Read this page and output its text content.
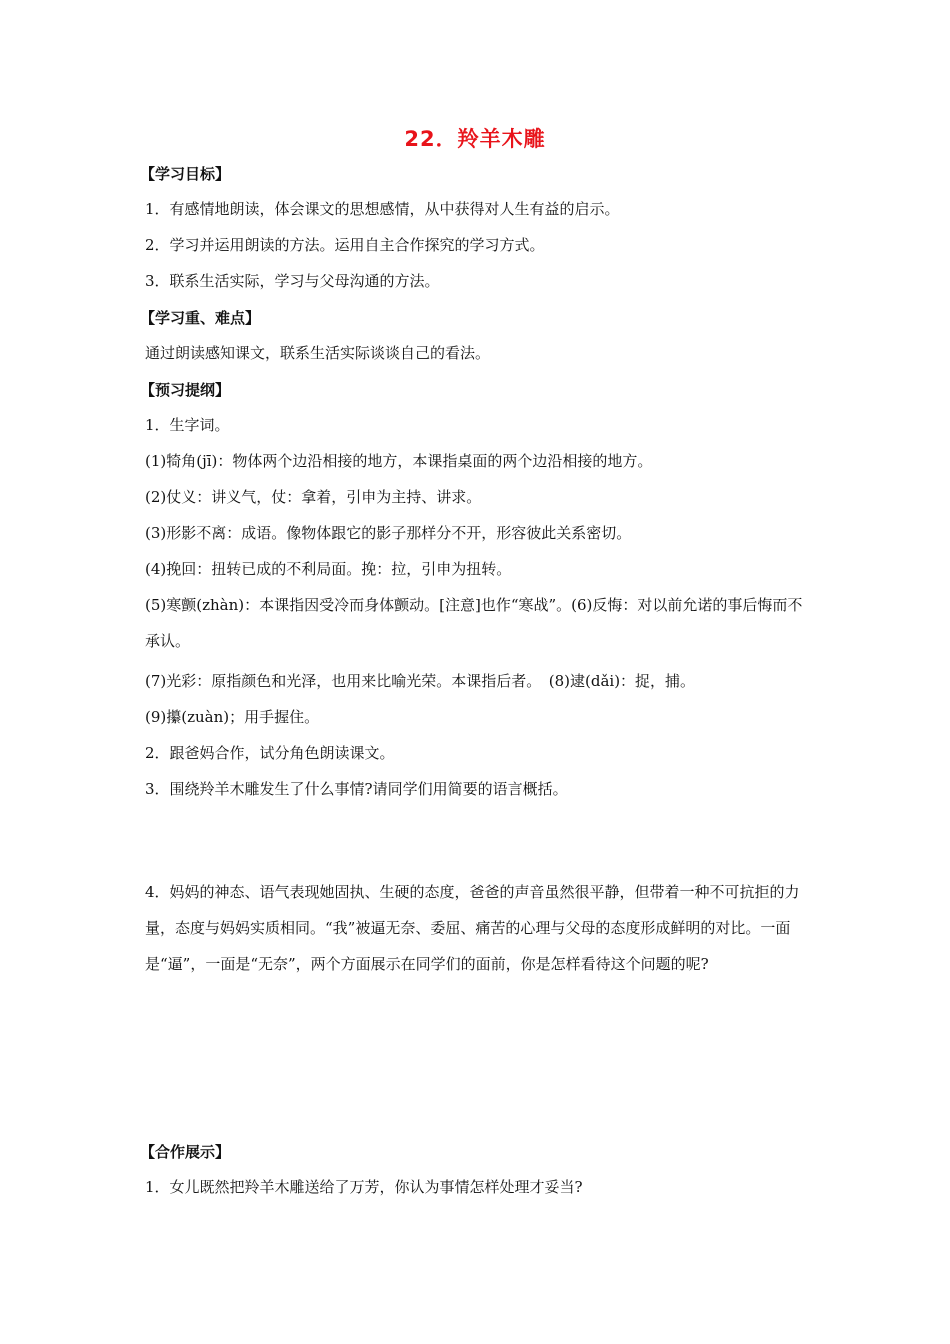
22．羚羊木雕
【学习目标】
1．有感情地朗读，体会课文的思想感情，从中获得对人生有益的启示。
2．学习并运用朗读的方法。运用自主合作探究的学习方式。
3．联系生活实际，学习与父母沟通的方法。
【学习重、难点】
通过朗读感知课文，联系生活实际谈谈自己的看法。
【预习提纲】
1．生字词。
(1)犄角(jī)：物体两个边沿相接的地方，本课指桌面的两个边沿相接的地方。
(2)仗义：讲义气，仗：拿着，引申为主持、讲求。
(3)形影不离：成语。像物体跟它的影子那样分不开，形容彼此关系密切。
(4)挽回：扭转已成的不利局面。挽：拉，引申为扭转。
(5)寒颤(zhàn)：本课指因受冷而身体颤动。[注意]也作“寒战”。(6)反悔：对以前允诺的事后悔而不承认。
(7)光彩：原指颜色和光泽，也用来比喻光荣。本课指后者。　(8)逮(dǎi)：捉，捕。
(9)攥(zuàn)；用手握住。
2．跟爸妈合作，试分角色朗读课文。
3．围绕羚羊木雕发生了什么事情?请同学们用简要的语言概括。
4．妈妈的神态、语气表现她固执、生硬的态度，爸爸的声音虽然很平静，但带着一种不可抗拒的力量，态度与妈妈实质相同。“我”被逼无奈、委屈、痛苦的心理与父母的态度形成鲜明的对比。一面是“逼”，一面是“无奈”，两个方面展示在同学们的面前，你是怎样看待这个问题的呢?
【合作展示】
1．女儿既然把羚羊木雕送给了万芳，你认为事情怎样处理才妥当?
